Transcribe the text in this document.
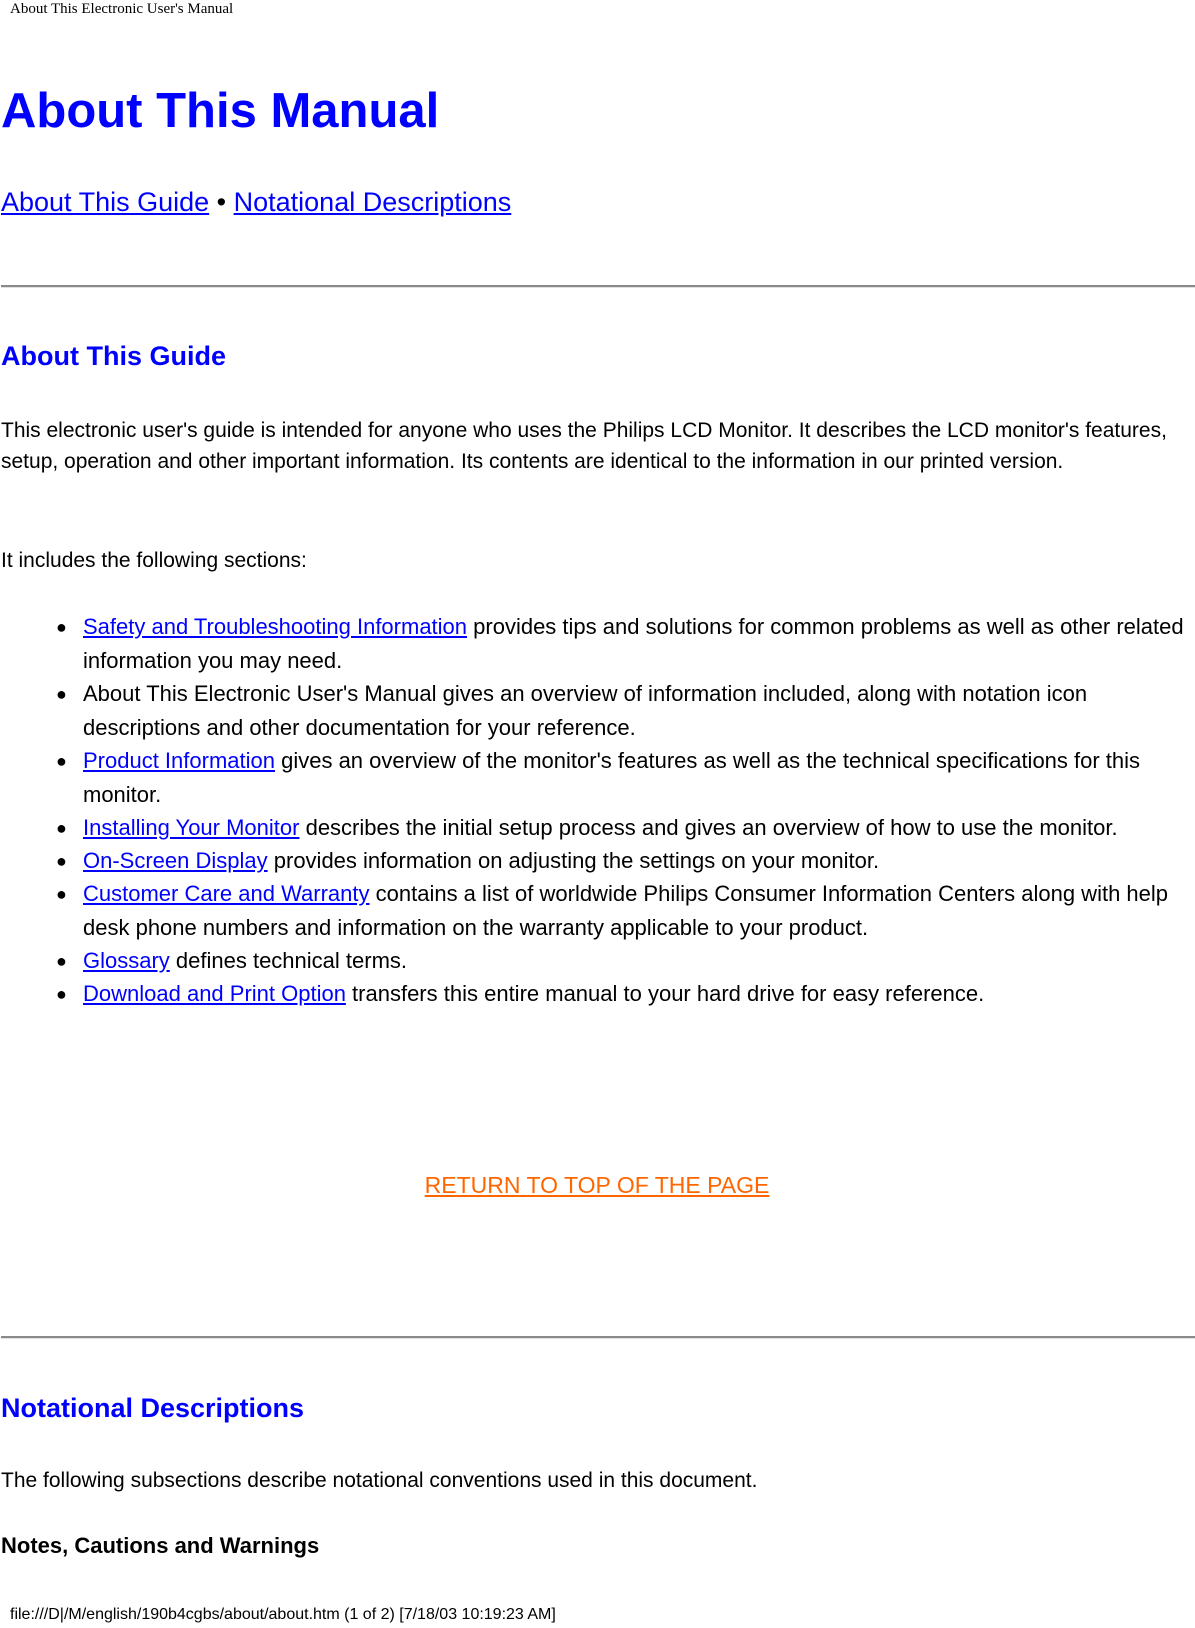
About This Electronic User's Manual
About This Manual
About This Guide • Notational Descriptions
About This Guide

This electronic user's guide is intended for anyone who uses the Philips LCD Monitor. It describes the LCD monitor's features, setup, operation and other important information. Its contents are identical to the information in our printed version.

It includes the following sections:

● Safety and Troubleshooting Information provides tips and solutions for common problems as well as other related information you may need.
● About This Electronic User's Manual gives an overview of information included, along with notation icon descriptions and other documentation for your reference.
● Product Information gives an overview of the monitor's features as well as the technical specifications for this monitor.
● Installing Your Monitor describes the initial setup process and gives an overview of how to use the monitor.
● On-Screen Display provides information on adjusting the settings on your monitor.
● Customer Care and Warranty contains a list of worldwide Philips Consumer Information Centers along with help desk phone numbers and information on the warranty applicable to your product.
● Glossary defines technical terms.
● Download and Print Option transfers this entire manual to your hard drive for easy reference.
RETURN TO TOP OF THE PAGE
Notational Descriptions

The following subsections describe notational conventions used in this document.

Notes, Cautions and Warnings
file:///D|/M/english/190b4cgbs/about/about.htm (1 of 2) [7/18/03 10:19:23 AM]
